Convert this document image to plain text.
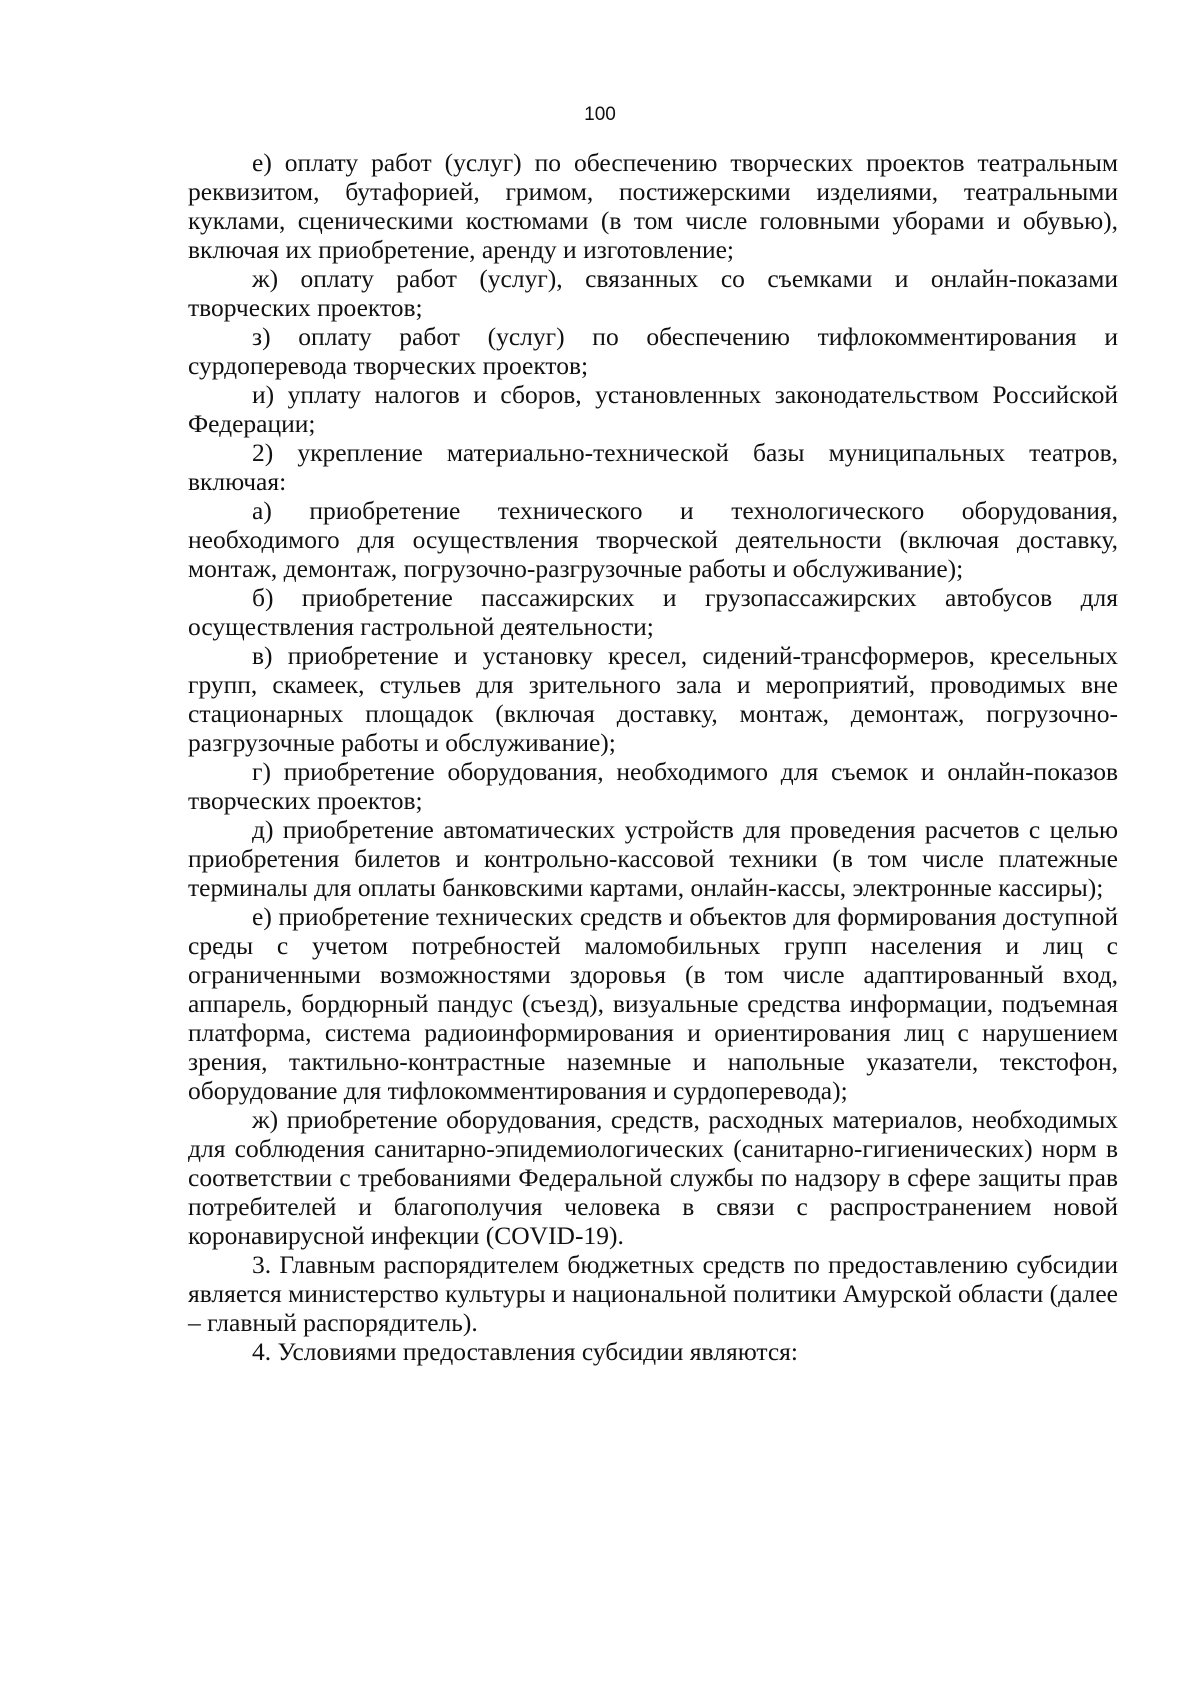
100

е) оплату работ (услуг) по обеспечению творческих проектов театральным реквизитом, бутафорией, гримом, постижерскими изделиями, театральными куклами, сценическими костюмами (в том числе головными уборами и обувью), включая их приобретение, аренду и изготовление;

ж) оплату работ (услуг), связанных со съемками и онлайн-показами творческих проектов;

з) оплату работ (услуг) по обеспечению тифлокомментирования и сурдоперевода творческих проектов;

и) уплату налогов и сборов, установленных законодательством Российской Федерации;

2) укрепление материально-технической базы муниципальных театров, включая:

а) приобретение технического и технологического оборудования, необходимого для осуществления творческой деятельности (включая доставку, монтаж, демонтаж, погрузочно-разгрузочные работы и обслуживание);

б) приобретение пассажирских и грузопассажирских автобусов для осуществления гастрольной деятельности;

в) приобретение и установку кресел, сидений-трансформеров, кресельных групп, скамеек, стульев для зрительного зала и мероприятий, проводимых вне стационарных площадок (включая доставку, монтаж, демонтаж, погрузочно-разгрузочные работы и обслуживание);

г) приобретение оборудования, необходимого для съемок и онлайн-показов творческих проектов;

д) приобретение автоматических устройств для проведения расчетов с целью приобретения билетов и контрольно-кассовой техники (в том числе платежные терминалы для оплаты банковскими картами, онлайн-кассы, электронные кассиры);

е) приобретение технических средств и объектов для формирования доступной среды с учетом потребностей маломобильных групп населения и лиц с ограниченными возможностями здоровья (в том числе адаптированный вход, аппарель, бордюрный пандус (съезд), визуальные средства информации, подъемная платформа, система радиоинформирования и ориентирования лиц с нарушением зрения, тактильно-контрастные наземные и напольные указатели, текстофон, оборудование для тифлокомментирования и сурдоперевода);

ж) приобретение оборудования, средств, расходных материалов, необходимых для соблюдения санитарно-эпидемиологических (санитарно-гигиенических) норм в соответствии с требованиями Федеральной службы по надзору в сфере защиты прав потребителей и благополучия человека в связи с распространением новой коронавирусной инфекции (COVID-19).

3. Главным распорядителем бюджетных средств по предоставлению субсидии является министерство культуры и национальной политики Амурской области (далее – главный распорядитель).

4. Условиями предоставления субсидии являются:
